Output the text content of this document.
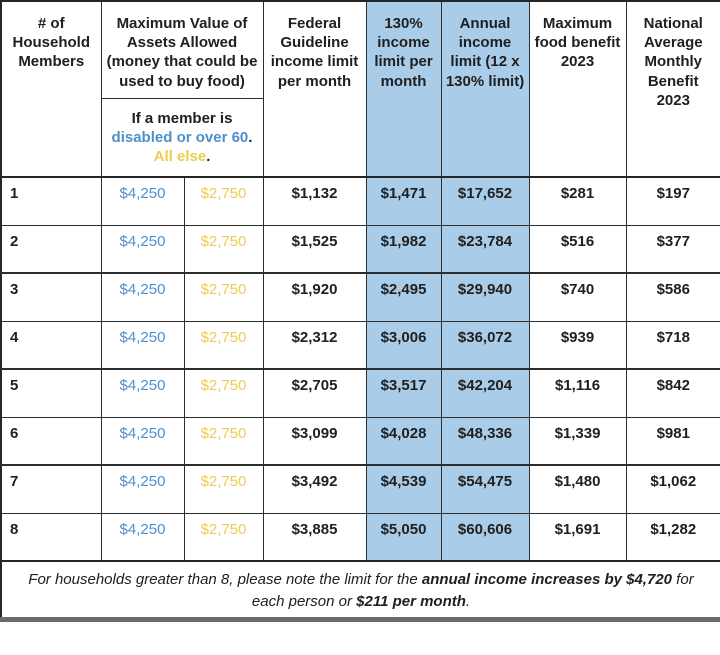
# of Household Members	Maximum Value of Assets Allowed (money that could be used to buy food)		Federal Guideline income limit per month	130% income limit per month	Annual income limit (12 x 130% limit)	Maximum food benefit 2023	National Average Monthly Benefit 2023
	If a member is
disabled or over 60.
All else.						
1	$4,250	$2,750	$1,132	$1,471	$17,652	$281	$197
2	$4,250	$2,750	$1,525	$1,982	$23,784	$516	$377
3	$4,250	$2,750	$1,920	$2,495	$29,940	$740	$586
4	$4,250	$2,750	$2,312	$3,006	$36,072	$939	$718
5	$4,250	$2,750	$2,705	$3,517	$42,204	$1,116	$842
6	$4,250	$2,750	$3,099	$4,028	$48,336	$1,339	$981
7	$4,250	$2,750	$3,492	$4,539	$54,475	$1,480	$1,062
8	$4,250	$2,750	$3,885	$5,050	$60,606	$1,691	$1,282
For households greater than 8, please note the limit for the annual income increases by $4,720 for each person or $211 per month.							
